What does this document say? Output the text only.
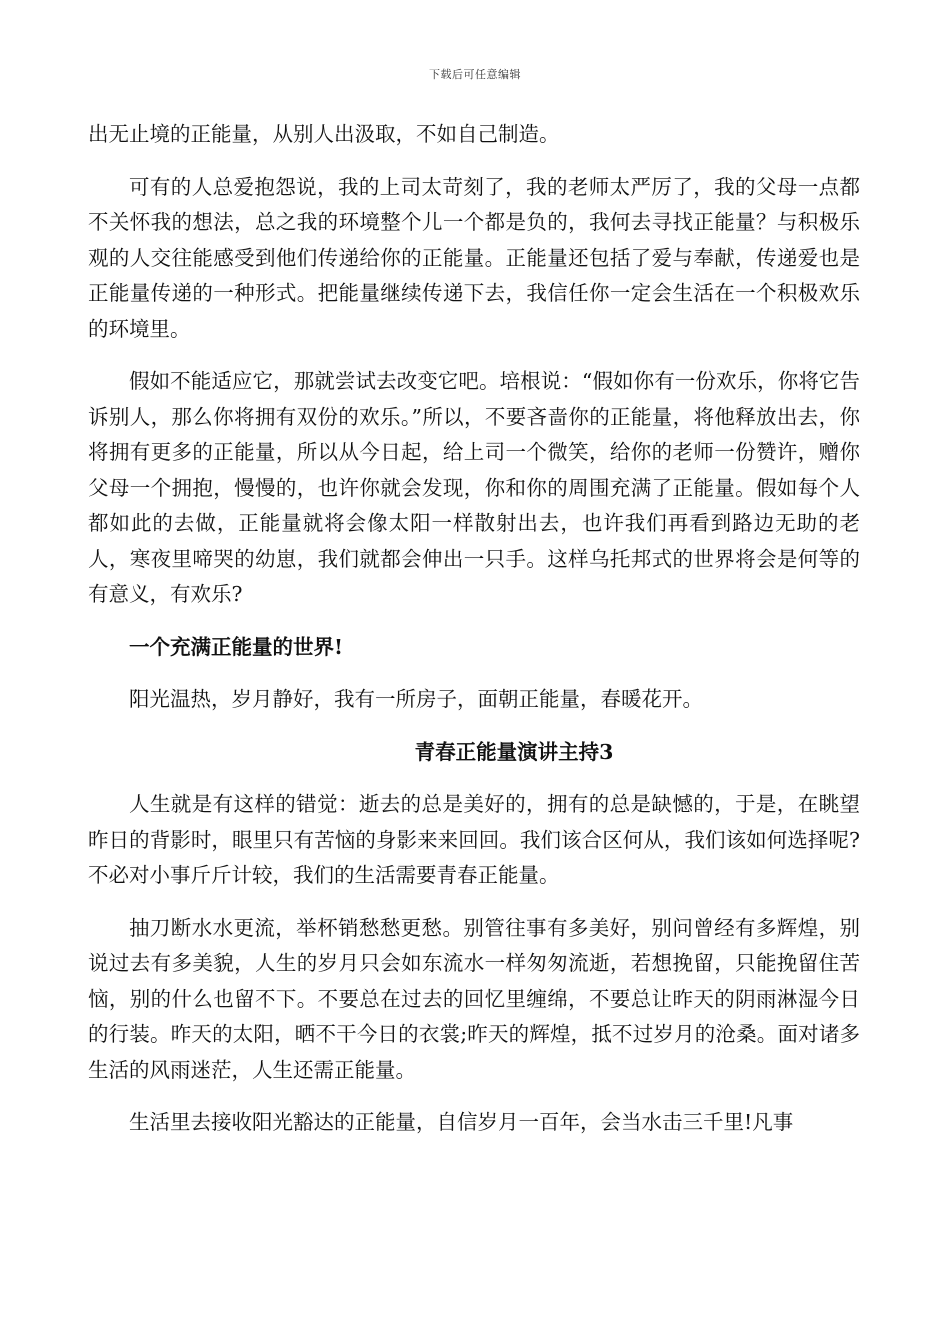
下载后可任意编辑

出无止境的正能量，从别人出汲取，不如自己制造。

可有的人总爱抱怨说，我的上司太苛刻了，我的老师太严厉了，我的父母一点都不关怀我的想法，总之我的环境整个儿一个都是负的，我何去寻找正能量？与积极乐观的人交往能感受到他们传递给你的正能量。正能量还包括了爱与奉献，传递爱也是正能量传递的一种形式。把能量继续传递下去，我信任你一定会生活在一个积极欢乐的环境里。

假如不能适应它，那就尝试去改变它吧。培根说：“假如你有一份欢乐，你将它告诉别人，那么你将拥有双份的欢乐。”所以，不要吝啬你的正能量，将他释放出去，你将拥有更多的正能量，所以从今日起，给上司一个微笑，给你的老师一份赞许，赠你父母一个拥抱，慢慢的，也许你就会发现，你和你的周围充满了正能量。假如每个人都如此的去做，正能量就将会像太阳一样散射出去，也许我们再看到路边无助的老人，寒夜里啼哭的幼崽，我们就都会伸出一只手。这样乌托邦式的世界将会是何等的有意义，有欢乐?

一个充满正能量的世界!

阳光温热，岁月静好，我有一所房子，面朝正能量，春暖花开。

青春正能量演讲主持3

人生就是有这样的错觉：逝去的总是美好的，拥有的总是缺憾的，于是，在眺望昨日的背影时，眼里只有苦恼的身影来来回回。我们该合区何从，我们该如何选择呢?不必对小事斤斤计较，我们的生活需要青春正能量。

抽刀断水水更流，举杯销愁愁更愁。别管往事有多美好，别问曾经有多辉煌，别说过去有多美貌，人生的岁月只会如东流水一样匆匆流逝，若想挽留，只能挽留住苦恼，别的什么也留不下。不要总在过去的回忆里缠绵，不要总让昨天的阴雨淋湿今日的行装。昨天的太阳，晒不干今日的衣裳;昨天的辉煌，抵不过岁月的沧桑。面对诸多生活的风雨迷茫，人生还需正能量。

生活里去接收阳光豁达的正能量，自信岁月一百年，会当水击三千里!凡事
